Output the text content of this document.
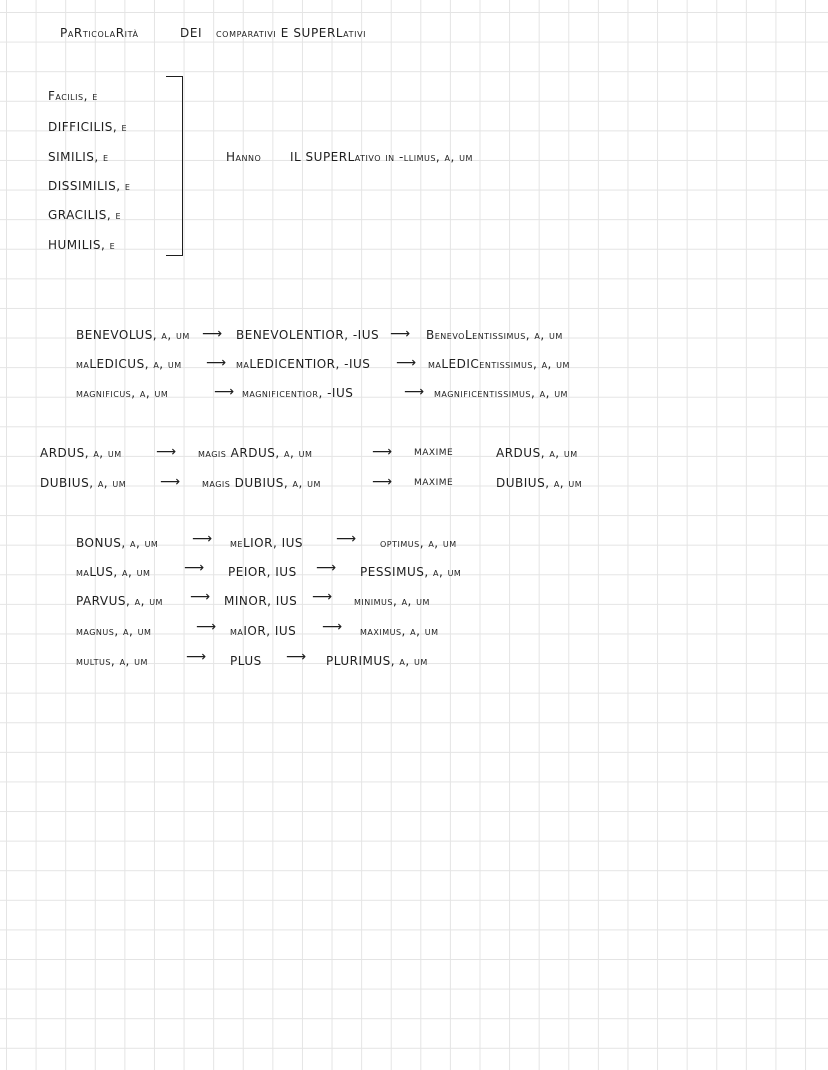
PaRticolaRità	DEI comparativi E SUPERLativi
Facilis, e
DIFFICILIS, e
SIMILIS, e
DISSIMILIS, e
GRACILIS, e
HUMILIS, e
Hanno IL SUPERLativo in -llimus, a, um
BENEVOLUS, a, um ⟶ BENEVOLENTIOR, -IUS ⟶ BenevoLentissimus, a, um
maLEDICUS, a, um ⟶ maLEDICENTIOR, -IUS ⟶ maLEDICentissimus, a, um
magnificus, a, um	⟶ magnificentior, -IUS	⟶ magnificentissimus, a, um
ARDUS, a, um ⟶ magis ARDUS, a, um	⟶ maxime	ARDUS, a, um
DUBIUS, a, um ⟶ magis DUBIUS, a, um	⟶ maxime	DUBIUS, a, um
BONUS, a, um ⟶ meLIOR, IUS ⟶ optimus, a, um
maLUS, a, um ⟶ PEIOR, IUS ⟶ PESSIMUS, a, um
PARVUS, a, um ⟶ MINOR, IUS ⟶ minimus, a, um
magnus, a, um	⟶ maIOR, IUS ⟶ maximus, a, um
multus, a, um	⟶ PLUS ⟶ PLURIMUS, a, um
